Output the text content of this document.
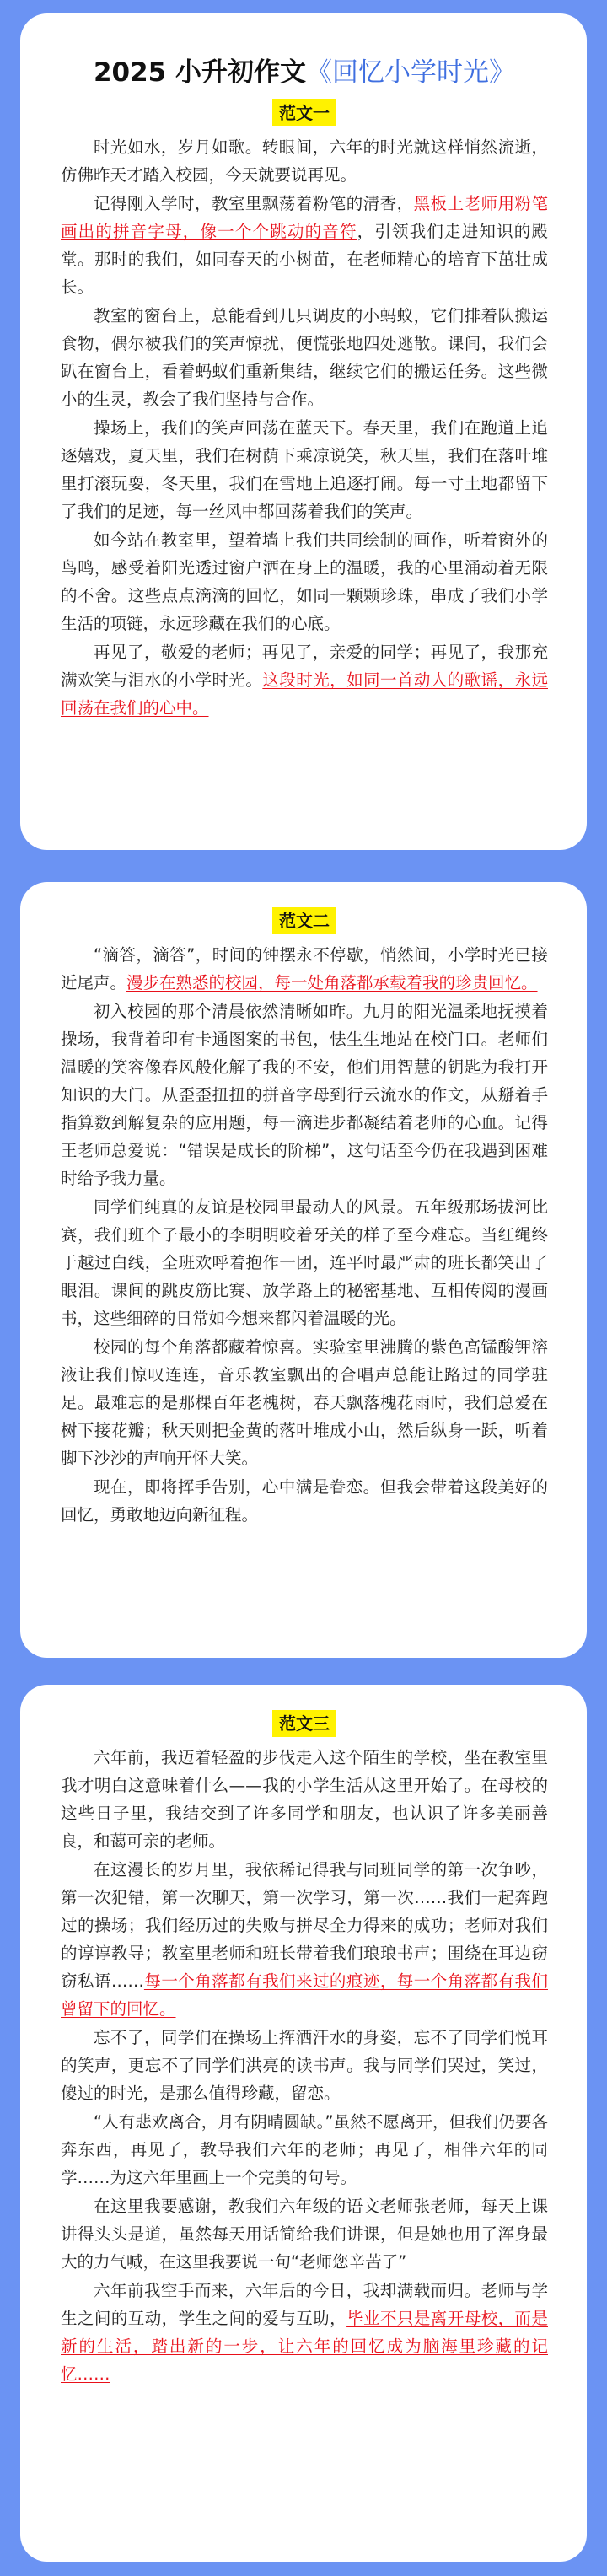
2025 小升初作文《回忆小学时光》
范文一

时光如水，岁月如歌。转眼间，六年的时光就这样悄然流逝，仿佛昨天才踏入校园，今天就要说再见。

记得刚入学时，教室里飘荡着粉笔的清香，黑板上老师用粉笔画出的拼音字母，像一个个跳动的音符，引领我们走进知识的殿堂。那时的我们，如同春天的小树苗，在老师精心的培育下茁壮成长。

教室的窗台上，总能看到几只调皮的小蚂蚁，它们排着队搬运食物，偶尔被我们的笑声惊扰，便慌张地四处逃散。课间，我们会趴在窗台上，看着蚂蚁们重新集结，继续它们的搬运任务。这些微小的生灵，教会了我们坚持与合作。

操场上，我们的笑声回荡在蓝天下。春天里，我们在跑道上追逐嬉戏，夏天里，我们在树荫下乘凉说笑，秋天里，我们在落叶堆里打滚玩耍，冬天里，我们在雪地上追逐打闹。每一寸土地都留下了我们的足迹，每一丝风中都回荡着我们的笑声。

如今站在教室里，望着墙上我们共同绘制的画作，听着窗外的鸟鸣，感受着阳光透过窗户洒在身上的温暖，我的心里涌动着无限的不舍。这些点点滴滴的回忆，如同一颗颗珍珠，串成了我们小学生活的项链，永远珍藏在我们的心底。

再见了，敬爱的老师；再见了，亲爱的同学；再见了，我那充满欢笑与泪水的小学时光。这段时光，如同一首动人的歌谣，永远回荡在我们的心中。

范文二

“滴答，滴答”，时间的钟摆永不停歇，悄然间，小学时光已接近尾声。漫步在熟悉的校园，每一处角落都承载着我的珍贵回忆。

初入校园的那个清晨依然清晰如昨。九月的阳光温柔地抚摸着操场，我背着印有卡通图案的书包，怯生生地站在校门口。老师们温暖的笑容像春风般化解了我的不安，他们用智慧的钥匙为我打开知识的大门。从歪歪扭扭的拼音字母到行云流水的作文，从掰着手指算数到解复杂的应用题，每一滴进步都凝结着老师的心血。记得王老师总爱说：“错误是成长的阶梯”，这句话至今仍在我遇到困难时给予我力量。

同学们纯真的友谊是校园里最动人的风景。五年级那场拔河比赛，我们班个子最小的李明明咬着牙关的样子至今难忘。当红绳终于越过白线，全班欢呼着抱作一团，连平时最严肃的班长都笑出了眼泪。课间的跳皮筋比赛、放学路上的秘密基地、互相传阅的漫画书，这些细碎的日常如今想来都闪着温暖的光。

校园的每个角落都藏着惊喜。实验室里沸腾的紫色高锰酸钾溶液让我们惊叹连连，音乐教室飘出的合唱声总能让路过的同学驻足。最难忘的是那棵百年老槐树，春天飘落槐花雨时，我们总爱在树下接花瓣；秋天则把金黄的落叶堆成小山，然后纵身一跃，听着脚下沙沙的声响开怀大笑。

现在，即将挥手告别，心中满是眷恋。但我会带着这段美好的回忆，勇敢地迈向新征程。

范文三

六年前，我迈着轻盈的步伐走入这个陌生的学校，坐在教室里我才明白这意味着什么——我的小学生活从这里开始了。在母校的这些日子里，我结交到了许多同学和朋友，也认识了许多美丽善良，和蔼可亲的老师。

在这漫长的岁月里，我依稀记得我与同班同学的第一次争吵，第一次犯错，第一次聊天，第一次学习，第一次……我们一起奔跑过的操场；我们经历过的失败与拼尽全力得来的成功；老师对我们的谆谆教导；教室里老师和班长带着我们琅琅书声；围绕在耳边窃窃私语……每一个角落都有我们来过的痕迹，每一个角落都有我们曾留下的回忆。

忘不了，同学们在操场上挥洒汗水的身姿，忘不了同学们悦耳的笑声，更忘不了同学们洪亮的读书声。我与同学们哭过，笑过，傻过的时光，是那么值得珍藏，留恋。

“人有悲欢离合，月有阴晴圆缺。”虽然不愿离开，但我们仍要各奔东西，再见了，教导我们六年的老师；再见了，相伴六年的同学……为这六年里画上一个完美的句号。

在这里我要感谢，教我们六年级的语文老师张老师，每天上课讲得头头是道，虽然每天用话简给我们讲课，但是她也用了浑身最大的力气喊，在这里我要说一句“老师您辛苦了”

六年前我空手而来，六年后的今日，我却满载而归。老师与学生之间的互动，学生之间的爱与互助，毕业不只是离开母校，而是新的生活，踏出新的一步，让六年的回忆成为脑海里珍藏的记忆……
